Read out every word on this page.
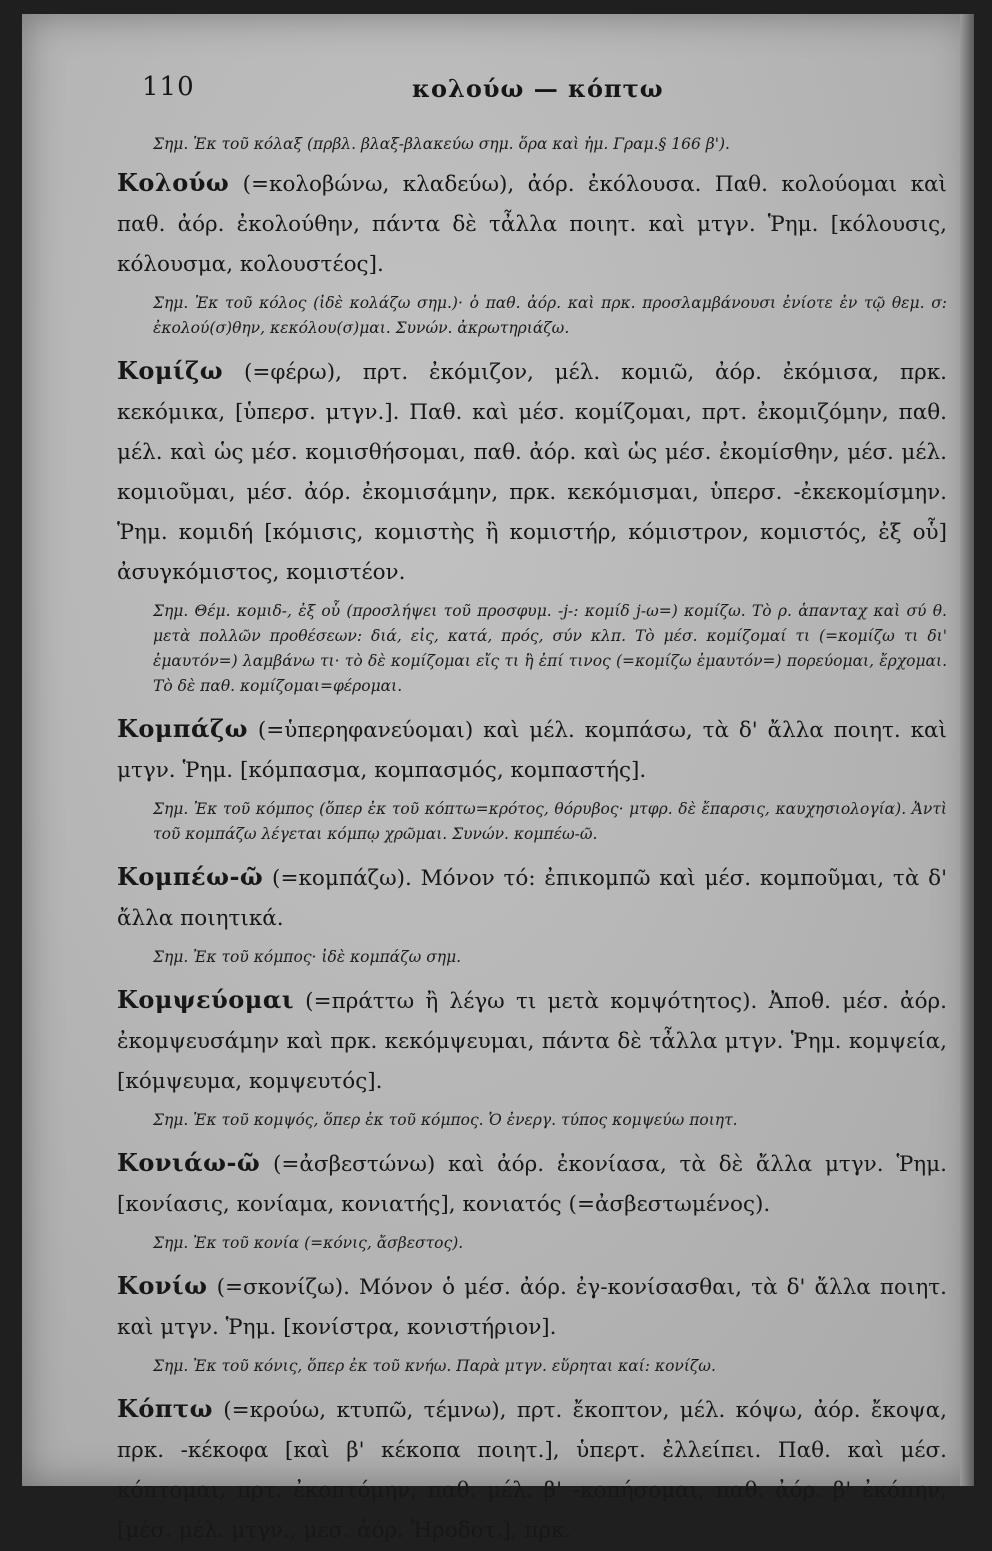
110	κολούω — κόπτω

Σημ. Ἐκ τοῦ κόλαξ (πρβλ. βλαξ-βλακεύω σημ. ὅρα καὶ ἠμ. Γραμ.§ 166 β').

Κολούω (=κολοβώνω, κλαδεύω), ἀόρ. ἐκόλουσα. Παθ. κολούομαι καὶ παθ. ἀόρ. ἐκολούθην, πάντα δὲ τἆλλα ποιητ. καὶ μτγν. Ῥημ. [κόλουσις, κόλουσμα, κολουστέος].

Σημ. Ἐκ τοῦ κόλος (ἰδὲ κολάζω σημ.)· ὁ παθ. ἀόρ. καὶ πρκ. προσλαμβάνουσι ἐνίοτε ἐν τῷ θεμ. σ: ἐκολού(σ)θην, κεκόλου(σ)μαι. Συνών. ἀκρωτηριάζω.

Κομίζω (=φέρω), πρτ. ἐκόμιζον, μέλ. κομιῶ, ἀόρ. ἐκόμισα, πρκ. κεκόμικα, [ὑπερσ. μτγν.]. Παθ. καὶ μέσ. κομίζομαι, πρτ. ἐκομιζόμην, παθ. μέλ. καὶ ὡς μέσ. κομισθήσομαι, παθ. ἀόρ. καὶ ὡς μέσ. ἐκομίσθην, μέσ. μέλ. κομιοῦμαι, μέσ. ἀόρ. ἐκομισάμην, πρκ. κεκόμισμαι, ὑπερσ. -ἐκεκομίσμην. Ῥημ. κομιδή [κόμισις, κομιστὴς ἢ κομιστήρ, κόμιστρον, κομιστός, ἐξ οὗ] ἀσυγκόμιστος, κομιστέον.

Σημ. Θέμ. κομιδ-, ἐξ οὗ (προσλήψει τοῦ προσφυμ. -j-: κομίδ j-ω=) κομίζω. Τὸ ρ. ἁπανταχ καὶ σύ θ. μετὰ πολλῶν προθέσεων: διά, εἰς, κατά, πρός, σύν κλπ. Τὸ μέσ. κομίζομαί τι (=κομίζω τι δι' ἐμαυτόν=) λαμβάνω τι· τὸ δὲ κομίζομαι εἴς τι ἢ ἐπί τινος (=κομίζω ἐμαυτόν=) πορεύομαι, ἔρχομαι. Τὸ δὲ παθ. κομίζομαι=φέρομαι.

Κομπάζω (=ὑπερηφανεύομαι) καὶ μέλ. κομπάσω, τὰ δ' ἄλλα ποιητ. καὶ μτγν. Ῥημ. [κόμπασμα, κομπασμός, κομπαστής].

Σημ. Ἐκ τοῦ κόμπος (ὅπερ ἐκ τοῦ κόπτω=κρότος, θόρυβος· μτφρ. δὲ ἔπαρσις, καυχησιολογία). Ἀντὶ τοῦ κομπάζω λέγεται κόμπῳ χρῶμαι. Συνών. κομπέω-ῶ.

Κομπέω-ῶ (=κομπάζω). Μόνον τό: ἐπικομπῶ καὶ μέσ. κομποῦμαι, τὰ δ' ἄλλα ποιητικά.

Σημ. Ἐκ τοῦ κόμπος· ἰδὲ κομπάζω σημ.

Κομψεύομαι (=πράττω ἢ λέγω τι μετὰ κομψότητος). Ἀποθ. μέσ. ἀόρ. ἐκομψευσάμην καὶ πρκ. κεκόμψευμαι, πάντα δὲ τἆλλα μτγν. Ῥημ. κομψεία, [κόμψευμα, κομψευτός].

Σημ. Ἐκ τοῦ κομψός, ὅπερ ἐκ τοῦ κόμπος. Ὁ ἐνεργ. τύπος κομψεύω ποιητ.

Κονιάω-ῶ (=ἀσβεστώνω) καὶ ἀόρ. ἐκονίασα, τὰ δὲ ἄλλα μτγν. Ῥημ. [κονίασις, κονίαμα, κονιατής], κονιατός (=ἀσβεστωμένος).

Σημ. Ἐκ τοῦ κονία (=κόνις, ἄσβεστος).

Κονίω (=σκονίζω). Μόνον ὁ μέσ. ἀόρ. ἐγ-κονίσασθαι, τὰ δ' ἄλλα ποιητ. καὶ μτγν. Ῥημ. [κονίστρα, κονιστήριον].

Σημ. Ἐκ τοῦ κόνις, ὅπερ ἐκ τοῦ κνήω. Παρὰ μτγν. εὕρηται καί: κονίζω.

Κόπτω (=κρούω, κτυπῶ, τέμνω), πρτ. ἔκοπτον, μέλ. κόψω, ἀόρ. ἔκοψα, πρκ. -κέκοφα [καὶ β' κέκοπα ποιητ.], ὑπερτ. ἐλλείπει. Παθ. καὶ μέσ. κόπτομαι, πρτ. ἐκοπτόμην, παθ. μέλ. β' -κοπήσομαι, παθ. ἀόρ. β' ἐκόπην, [μέσ. μέλ. μτγν., μεσ. ἀόρ. Ἡροδοτ.], πρκ.
